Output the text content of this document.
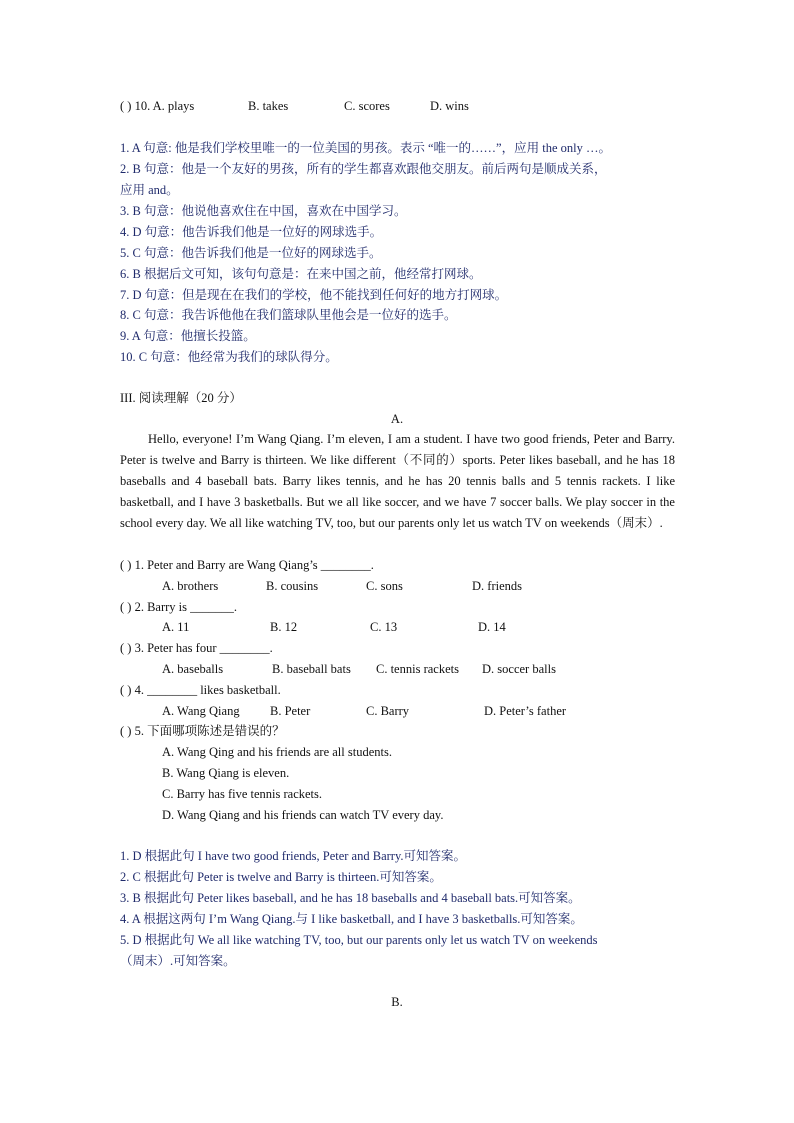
( ) 10. A. plays	B. takes	C. scores	D. wins
1. A 句意: 他是我们学校里唯一的一位美国的男孩。表示 “唯一的……”，应用 the only …。
2. B 句意：他是一个友好的男孩，所有的学生都喜欢跟他交朋友。前后两句是顺成关系，
应用 and。
3. B 句意：他说他喜欢住在中国，喜欢在中国学习。
4. D 句意：他告诉我们他是一位好的网球选手。
5. C 句意：他告诉我们他是一位好的网球选手。
6. B 根据后文可知，该句句意是：在来中国之前，他经常打网球。
7. D 句意：但是现在在我们的学校，他不能找到任何好的地方打网球。
8. C 句意：我告诉他他在我们篮球队里他会是一位好的选手。
9. A 句意：他擅长投篮。
10. C 句意：他经常为我们的球队得分。
III. 阅读理解（20 分）
A.

Hello, everyone! I’m Wang Qiang. I’m eleven, I am a student. I have two good friends, Peter and Barry. Peter is twelve and Barry is thirteen. We like different（不同的）sports. Peter likes baseball, and he has 18 baseballs and 4 baseball bats. Barry likes tennis, and he has 20 tennis balls and 5 tennis rackets. I like basketball, and I have 3 basketballs. But we all like soccer, and we have 7 soccer balls. We play soccer in the school every day. We all like watching TV, too, but our parents only let us watch TV on weekends（周末）.

( ) 1. Peter and Barry are Wang Qiang’s ________.
A. brothers	B. cousins	C. sons	D. friends
( ) 2. Barry is _______.
A. 11	B. 12	C. 13	D. 14
( ) 3. Peter has four ________.
A. baseballs	B. baseball bats C. tennis rackets D. soccer balls
( ) 4. ________ likes basketball.
A. Wang Qiang B. Peter	C. Barry	D. Peter’s father
( ) 5. 下面哪项陈述是错误的？
A. Wang Qing and his friends are all students.
B. Wang Qiang is eleven.
C. Barry has five tennis rackets.
D. Wang Qiang and his friends can watch TV every day.
1. D 根据此句 I have two good friends, Peter and Barry.可知答案。
2. C 根据此句 Peter is twelve and Barry is thirteen.可知答案。
3. B 根据此句 Peter likes baseball, and he has 18 baseballs and 4 baseball bats.可知答案。
4. A 根据这两句 I’m Wang Qiang.与 I like basketball, and I have 3 basketballs.可知答案。
5. D 根据此句 We all like watching TV, too, but our parents only let us watch TV on weekends
（周末）.可知答案。
B.
